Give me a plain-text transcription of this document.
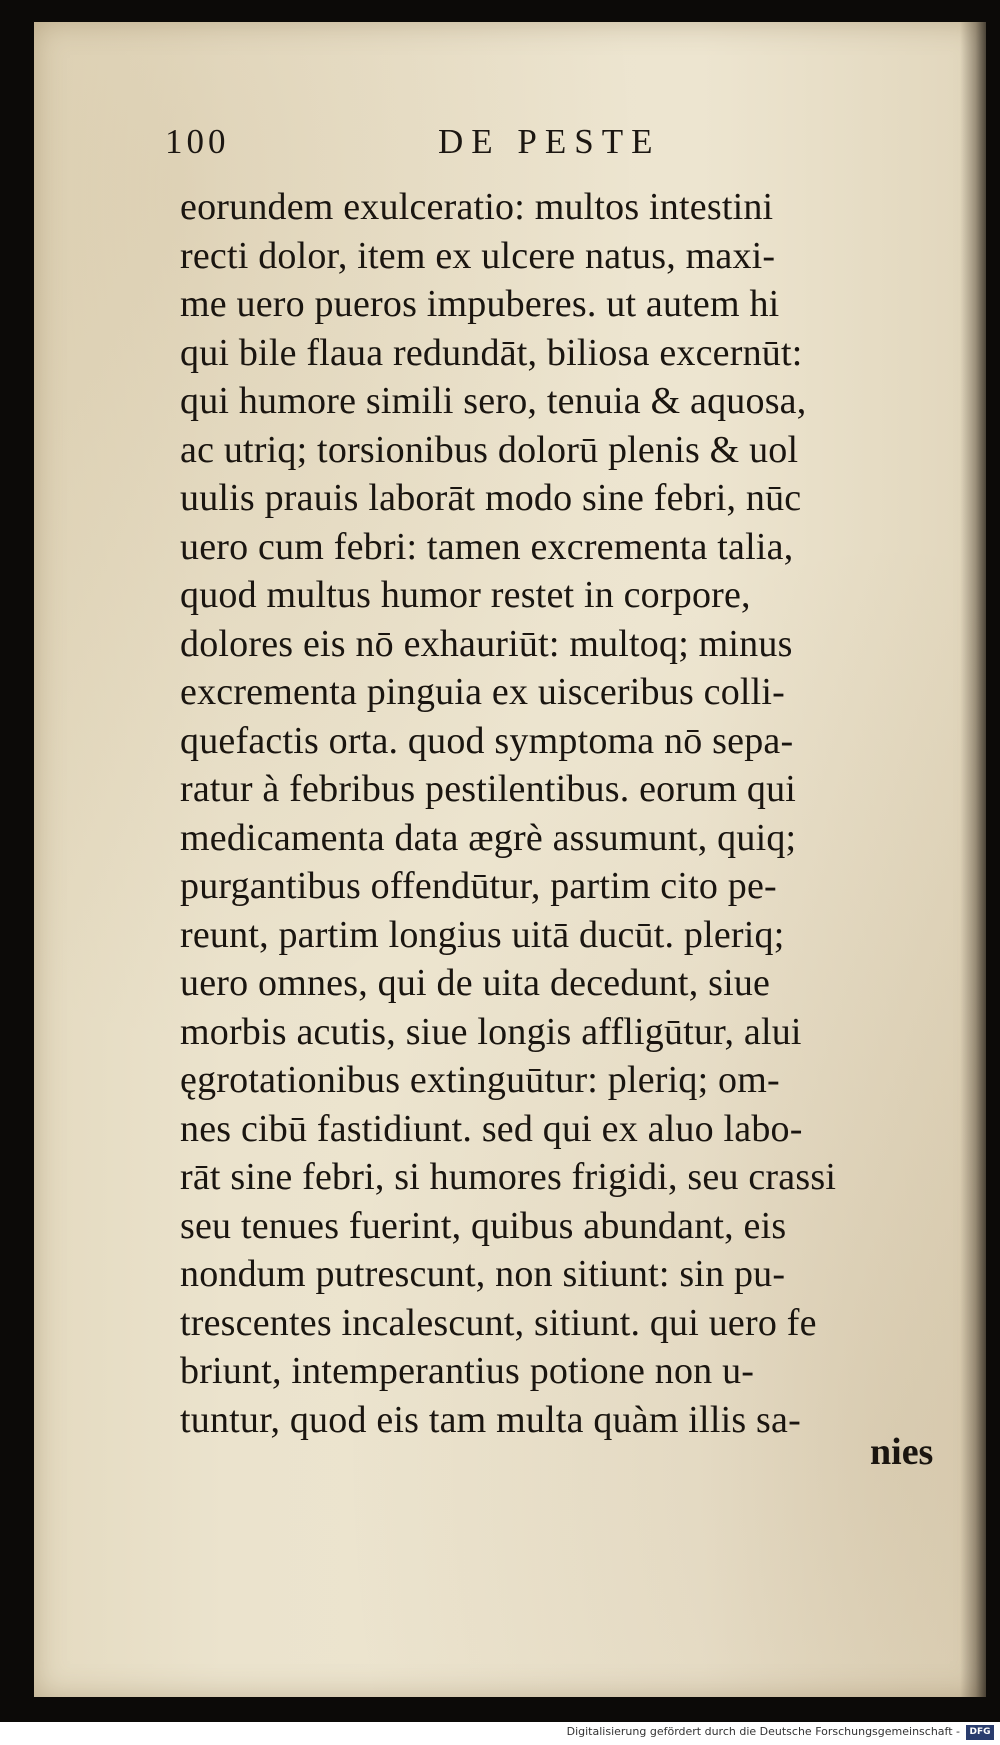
100	DE PESTE
eorundem exulceratio: multos intestini
recti dolor, item ex ulcere natus, maxi-
me uero pueros impuberes. ut autem hi
qui bile flaua redundāt, biliosa excernūt:
qui humore simili sero, tenuia & aquosa,
ac utriq; torsionibus dolorū plenis & uol
uulis prauis laborāt modo sine febri, nūc
uero cum febri: tamen excrementa talia,
quod multus humor restet in corpore,
dolores eis nō exhauriūt: multoq; minus
excrementa pinguia ex uisceribus colli-
quefactis orta. quod symptoma nō sepa-
ratur à febribus pestilentibus. eorum qui
medicamenta data ægrè assumunt, quiq;
purgantibus offendūtur, partim cito pe-
reunt, partim longius uitā ducūt. pleriq;
uero omnes, qui de uita decedunt, siue
morbis acutis, siue longis affligūtur, alui
ęgrotationibus extinguūtur: pleriq; om-
nes cibū fastidiunt. sed qui ex aluo labo-
rāt sine febri, si humores frigidi, seu crassi
seu tenues fuerint, quibus abundant, eis
nondum putrescunt, non sitiunt: sin pu-
trescentes incalescunt, sitiunt. qui uero fe
briunt, intemperantius potione non u-
tuntur, quod eis tam multa quàm illis sa-
nies
Digitalisierung gefördert durch die Deutsche Forschungsgemeinschaft -	DFG
